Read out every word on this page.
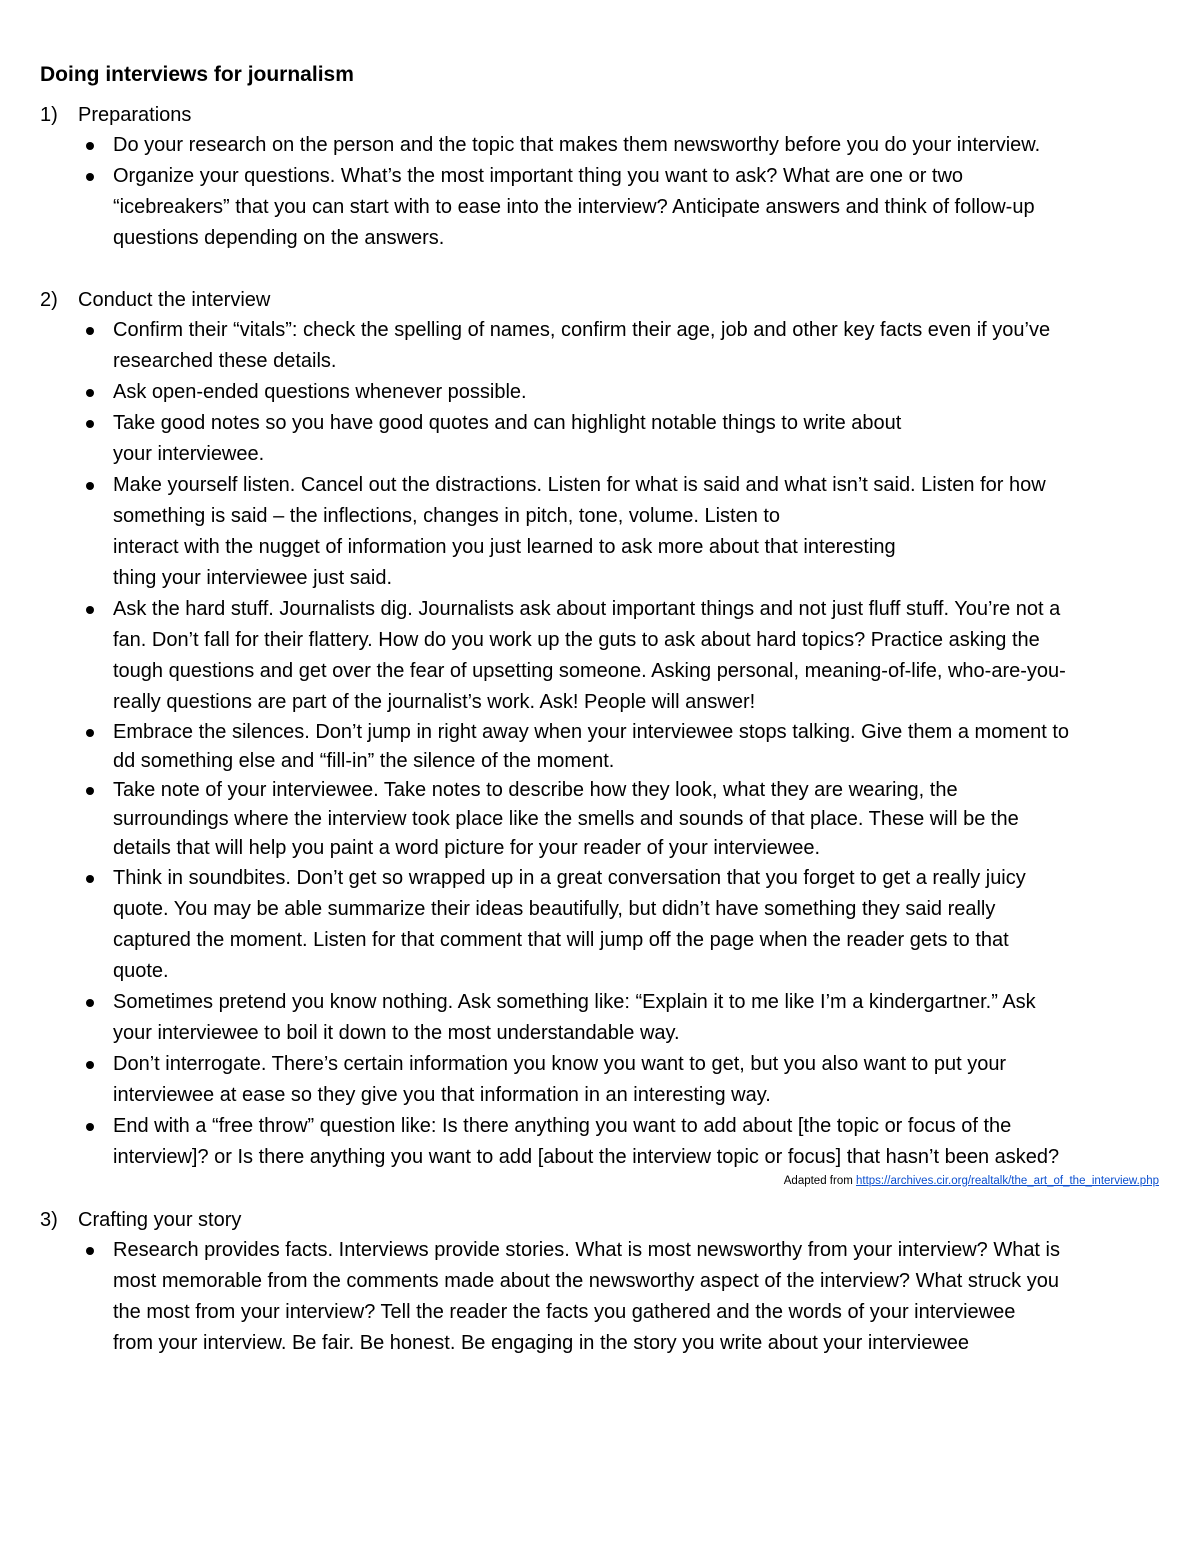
Doing interviews for journalism
1)	Preparations
Do your research on the person and the topic that makes them newsworthy before you do your interview.
Organize your questions. What’s the most important thing you want to ask? What are one or two
“icebreakers” that you can start with to ease into the interview? Anticipate answers and think of follow-up
questions depending on the answers.
2)	Conduct the interview
Confirm their “vitals”: check the spelling of names, confirm their age, job and other key facts even if you’ve
researched these details.
Ask open-ended questions whenever possible.
Take good notes so you have good quotes and can highlight notable things to write about
your interviewee.
Make yourself listen. Cancel out the distractions. Listen for what is said and what isn’t said. Listen for how
something is said – the inflections, changes in pitch, tone, volume. Listen to
interact with the nugget of information you just learned to ask more about that interesting
thing your interviewee just said.
Ask the hard stuff. Journalists dig. Journalists ask about important things and not just fluff stuff. You’re not a
fan. Don’t fall for their flattery. How do you work up the guts to ask about hard topics? Practice asking the
tough questions and get over the fear of upsetting someone. Asking personal, meaning-of-life, who-are-you-
really questions are part of the journalist’s work. Ask! People will answer!
Embrace the silences. Don’t jump in right away when your interviewee stops talking. Give them a moment to
dd something else and “fill-in” the silence of the moment.
Take note of your interviewee. Take notes to describe how they look, what they are wearing, the
surroundings where the interview took place like the smells and sounds of that place. These will be the
details that will help you paint a word picture for your reader of your interviewee.
Think in soundbites. Don’t get so wrapped up in a great conversation that you forget to get a really juicy
quote. You may be able summarize their ideas beautifully, but didn’t have something they said really
captured the moment. Listen for that comment that will jump off the page when the reader gets to that
quote.
Sometimes pretend you know nothing. Ask something like: “Explain it to me like I’m a kindergartner.” Ask
your interviewee to boil it down to the most understandable way.
Don’t interrogate. There’s certain information you know you want to get, but you also want to put your
interviewee at ease so they give you that information in an interesting way.
End with a “free throw” question like: Is there anything you want to add about [the topic or focus of the
interview]? or Is there anything you want to add [about the interview topic or focus] that hasn’t been asked?
Adapted from https://archives.cir.org/realtalk/the_art_of_the_interview.php
3)	Crafting your story
Research provides facts. Interviews provide stories. What is most newsworthy from your interview? What is
most memorable from the comments made about the newsworthy aspect of the interview? What struck you
the most from your interview? Tell the reader the facts you gathered and the words of your interviewee
from your interview. Be fair. Be honest. Be engaging in the story you write about your interviewee
